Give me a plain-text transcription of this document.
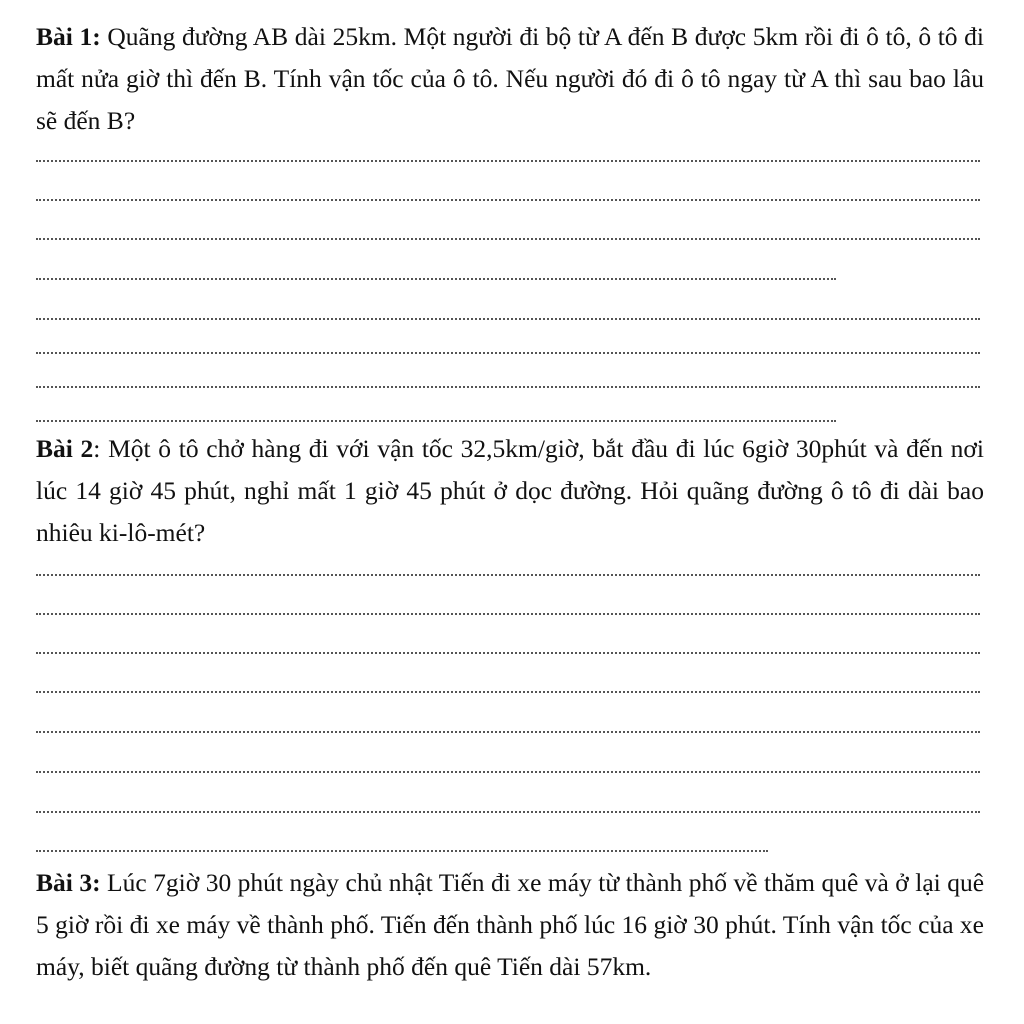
Bài 1: Quãng đường AB dài 25km. Một người đi bộ từ A đến B được 5km rồi đi ô tô, ô tô đi mất nửa giờ thì đến B. Tính vận tốc của ô tô. Nếu người đó đi ô tô ngay từ A thì sau bao lâu sẽ đến B?
Bài 2: Một ô tô chở hàng đi với vận tốc 32,5km/giờ, bắt đầu đi lúc 6giờ 30phút và đến nơi lúc 14 giờ 45 phút, nghỉ mất 1 giờ 45 phút ở dọc đường. Hỏi quãng đường ô tô đi dài bao nhiêu ki-lô-mét?
Bài 3: Lúc 7giờ 30 phút ngày chủ nhật Tiến đi xe máy từ thành phố về thăm quê và ở lại quê 5 giờ rồi đi xe máy về thành phố. Tiến đến thành phố lúc 16 giờ 30 phút. Tính vận tốc của xe máy, biết quãng đường từ thành phố đến quê Tiến dài 57km.
